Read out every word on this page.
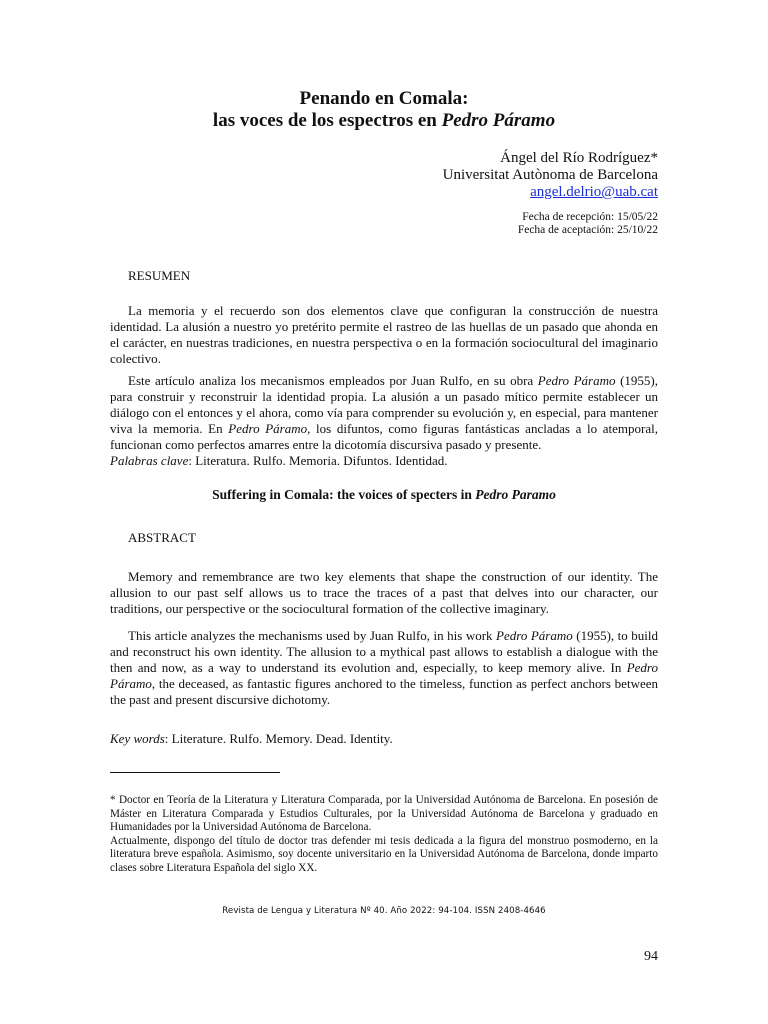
Penando en Comala:
las voces de los espectros en Pedro Páramo
Ángel del Río Rodríguez*
Universitat Autònoma de Barcelona
angel.delrio@uab.cat
Fecha de recepción: 15/05/22
Fecha de aceptación: 25/10/22
RESUMEN

La memoria y el recuerdo son dos elementos clave que configuran la construcción de nuestra identidad. La alusión a nuestro yo pretérito permite el rastreo de las huellas de un pasado que ahonda en el carácter, en nuestras tradiciones, en nuestra perspectiva o en la formación sociocultural del imaginario colectivo.

Este artículo analiza los mecanismos empleados por Juan Rulfo, en su obra Pedro Páramo (1955), para construir y reconstruir la identidad propia. La alusión a un pasado mítico permite establecer un diálogo con el entonces y el ahora, como vía para comprender su evolución y, en especial, para mantener viva la memoria. En Pedro Páramo, los difuntos, como figuras fantásticas ancladas a lo atemporal, funcionan como perfectos amarres entre la dicotomía discursiva pasado y presente.

Palabras clave: Literatura. Rulfo. Memoria. Difuntos. Identidad.
Suffering in Comala: the voices of specters in Pedro Paramo
ABSTRACT

Memory and remembrance are two key elements that shape the construction of our identity. The allusion to our past self allows us to trace the traces of a past that delves into our character, our traditions, our perspective or the sociocultural formation of the collective imaginary.

This article analyzes the mechanisms used by Juan Rulfo, in his work Pedro Páramo (1955), to build and reconstruct his own identity. The allusion to a mythical past allows to establish a dialogue with the then and now, as a way to understand its evolution and, especially, to keep memory alive. In Pedro Páramo, the deceased, as fantastic figures anchored to the timeless, function as perfect anchors between the past and present discursive dichotomy.

Key words: Literature. Rulfo. Memory. Dead. Identity.

* Doctor en Teoría de la Literatura y Literatura Comparada, por la Universidad Autónoma de Barcelona. En posesión de Máster en Literatura Comparada y Estudios Culturales, por la Universidad Autónoma de Barcelona y graduado en Humanidades por la Universidad Autónoma de Barcelona.

Actualmente, dispongo del título de doctor tras defender mi tesis dedicada a la figura del monstruo posmoderno, en la literatura breve española. Asimismo, soy docente universitario en la Universidad Autónoma de Barcelona, donde imparto clases sobre Literatura Española del siglo XX.

Revista de Lengua y Literatura Nº 40. Año 2022: 94-104. ISSN 2408-4646
94
